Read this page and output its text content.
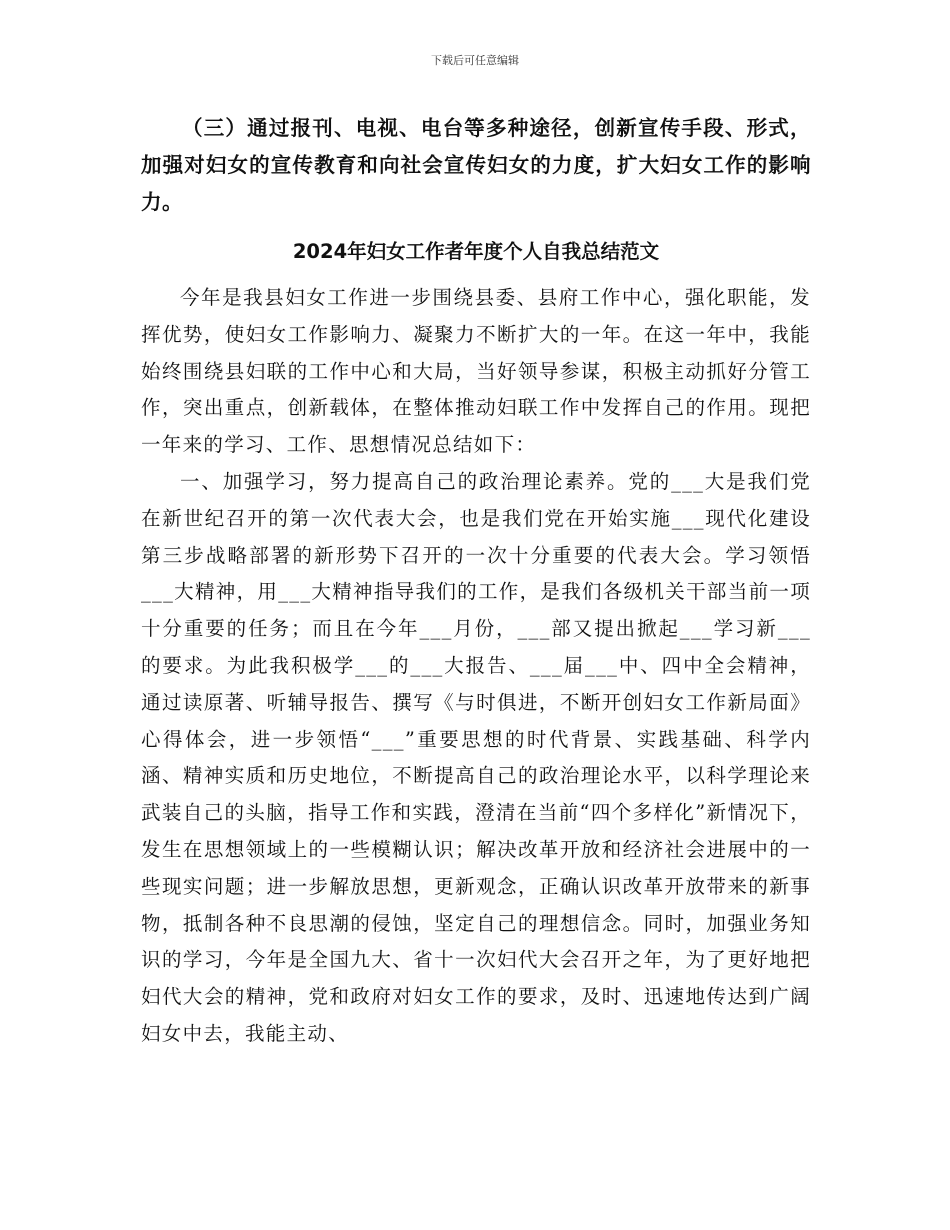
下载后可任意编辑

（三）通过报刊、电视、电台等多种途径，创新宣传手段、形式，加强对妇女的宣传教育和向社会宣传妇女的力度，扩大妇女工作的影响力。

2024年妇女工作者年度个人自我总结范文

今年是我县妇女工作进一步围绕县委、县府工作中心，强化职能，发挥优势，使妇女工作影响力、凝聚力不断扩大的一年。在这一年中，我能始终围绕县妇联的工作中心和大局，当好领导参谋，积极主动抓好分管工作，突出重点，创新载体，在整体推动妇联工作中发挥自己的作用。现把一年来的学习、工作、思想情况总结如下：

一、加强学习，努力提高自己的政治理论素养。党的___大是我们党在新世纪召开的第一次代表大会，也是我们党在开始实施___现代化建设第三步战略部署的新形势下召开的一次十分重要的代表大会。学习领悟___大精神，用___大精神指导我们的工作，是我们各级机关干部当前一项十分重要的任务；而且在今年___月份，___部又提出掀起___学习新___的要求。为此我积极学___的___大报告、___届___中、四中全会精神，通过读原著、听辅导报告、撰写《与时俱进，不断开创妇女工作新局面》心得体会，进一步领悟“___”重要思想的时代背景、实践基础、科学内涵、精神实质和历史地位，不断提高自己的政治理论水平，以科学理论来武装自己的头脑，指导工作和实践，澄清在当前“四个多样化”新情况下，发生在思想领域上的一些模糊认识；解决改革开放和经济社会进展中的一些现实问题；进一步解放思想，更新观念，正确认识改革开放带来的新事物，抵制各种不良思潮的侵蚀，坚定自己的理想信念。同时，加强业务知识的学习，今年是全国九大、省十一次妇代大会召开之年，为了更好地把妇代大会的精神，党和政府对妇女工作的要求，及时、迅速地传达到广阔妇女中去，我能主动、
